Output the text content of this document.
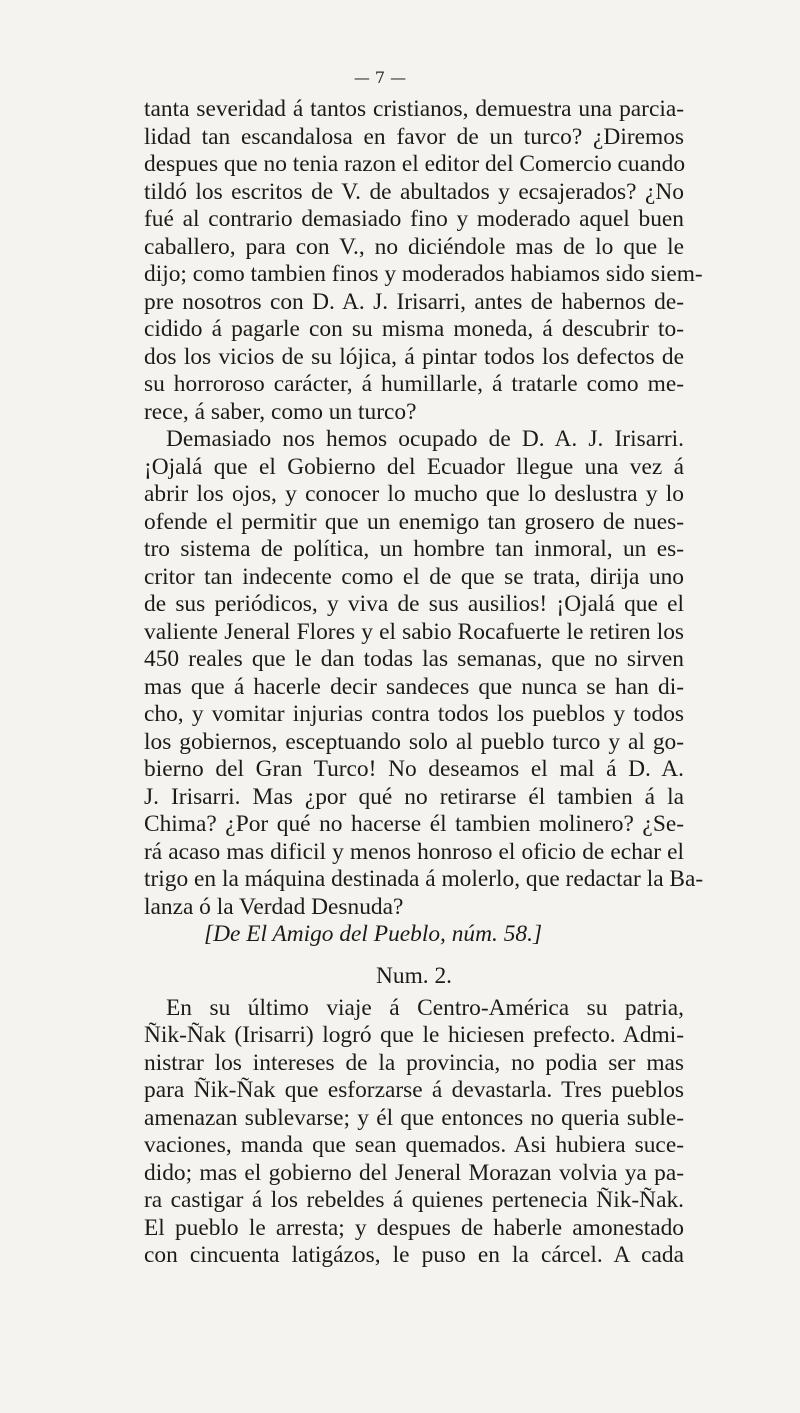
— 7 —
tanta severidad á tantos cristianos, demuestra una parcia-
lidad tan escandalosa en favor de un turco? ¿Diremos
despues que no tenia razon el editor del Comercio cuando
tildó los escritos de V. de abultados y ecsajerados? ¿No
fué al contrario demasiado fino y moderado aquel buen
caballero, para con V., no diciéndole mas de lo que le
dijo; como tambien finos y moderados habiamos sido siem-
pre nosotros con D. A. J. Irisarri, antes de habernos de-
cidido á pagarle con su misma moneda, á descubrir to-
dos los vicios de su lójica, á pintar todos los defectos de
su horroroso carácter, á humillarle, á tratarle como me-
rece, á saber, como un turco?
Demasiado nos hemos ocupado de D. A. J. Irisarri.
¡Ojalá que el Gobierno del Ecuador llegue una vez á
abrir los ojos, y conocer lo mucho que lo deslustra y lo
ofende el permitir que un enemigo tan grosero de nues-
tro sistema de política, un hombre tan inmoral, un es-
critor tan indecente como el de que se trata, dirija uno
de sus periódicos, y viva de sus ausilios! ¡Ojalá que el
valiente Jeneral Flores y el sabio Rocafuerte le retiren los
450 reales que le dan todas las semanas, que no sirven
mas que á hacerle decir sandeces que nunca se han di-
cho, y vomitar injurias contra todos los pueblos y todos
los gobiernos, esceptuando solo al pueblo turco y al go-
bierno del Gran Turco! No deseamos el mal á D. A.
J. Irisarri. Mas ¿por qué no retirarse él tambien á la
Chima? ¿Por qué no hacerse él tambien molinero? ¿Se-
rá acaso mas dificil y menos honroso el oficio de echar el
trigo en la máquina destinada á molerlo, que redactar la Ba-
lanza ó la Verdad Desnuda?
[De El Amigo del Pueblo, núm. 58.]
Num. 2.
En su último viaje á Centro-América su patria,
Ñik-Ñak (Irisarri) logró que le hiciesen prefecto. Admi-
nistrar los intereses de la provincia, no podia ser mas
para Ñik-Ñak que esforzarse á devastarla. Tres pueblos
amenazan sublevarse; y él que entonces no queria suble-
vaciones, manda que sean quemados. Asi hubiera suce-
dido; mas el gobierno del Jeneral Morazan volvia ya pa-
ra castigar á los rebeldes á quienes pertenecia Ñik-Ñak.
El pueblo le arresta; y despues de haberle amonestado
con cincuenta latigázos, le puso en la cárcel. A cada
